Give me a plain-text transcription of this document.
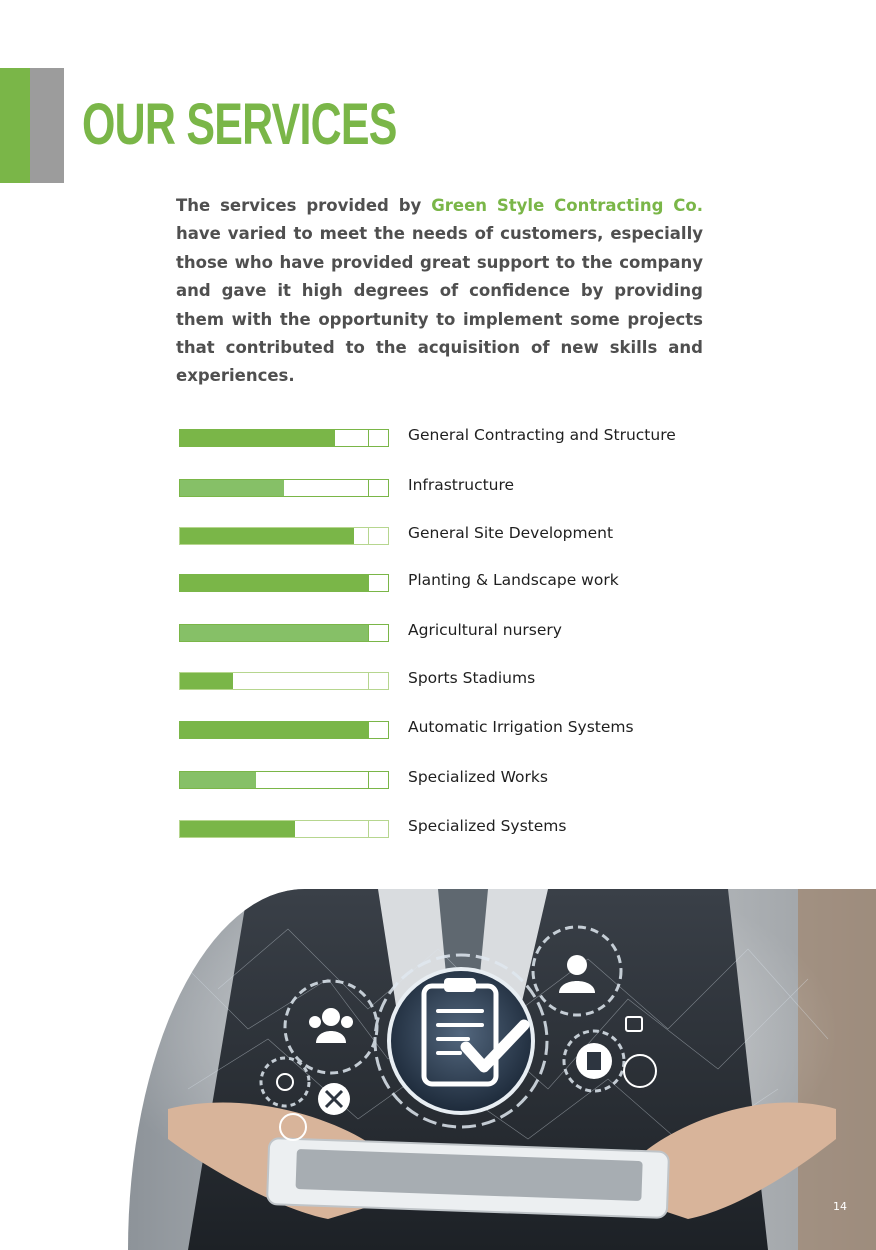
OUR SERVICES

The services provided by Green Style Contracting Co. have varied to meet the needs of customers, especially those who have provided great support to the company and gave it high degrees of confidence by providing them with the opportunity to implement some projects that contributed to the acquisition of new skills and experiences.

General Contracting and Structure
Infrastructure
General Site Development
Planting & Landscape work
Agricultural nursery
Sports Stadiums
Automatic Irrigation Systems
Specialized Works
Specialized Systems
14
